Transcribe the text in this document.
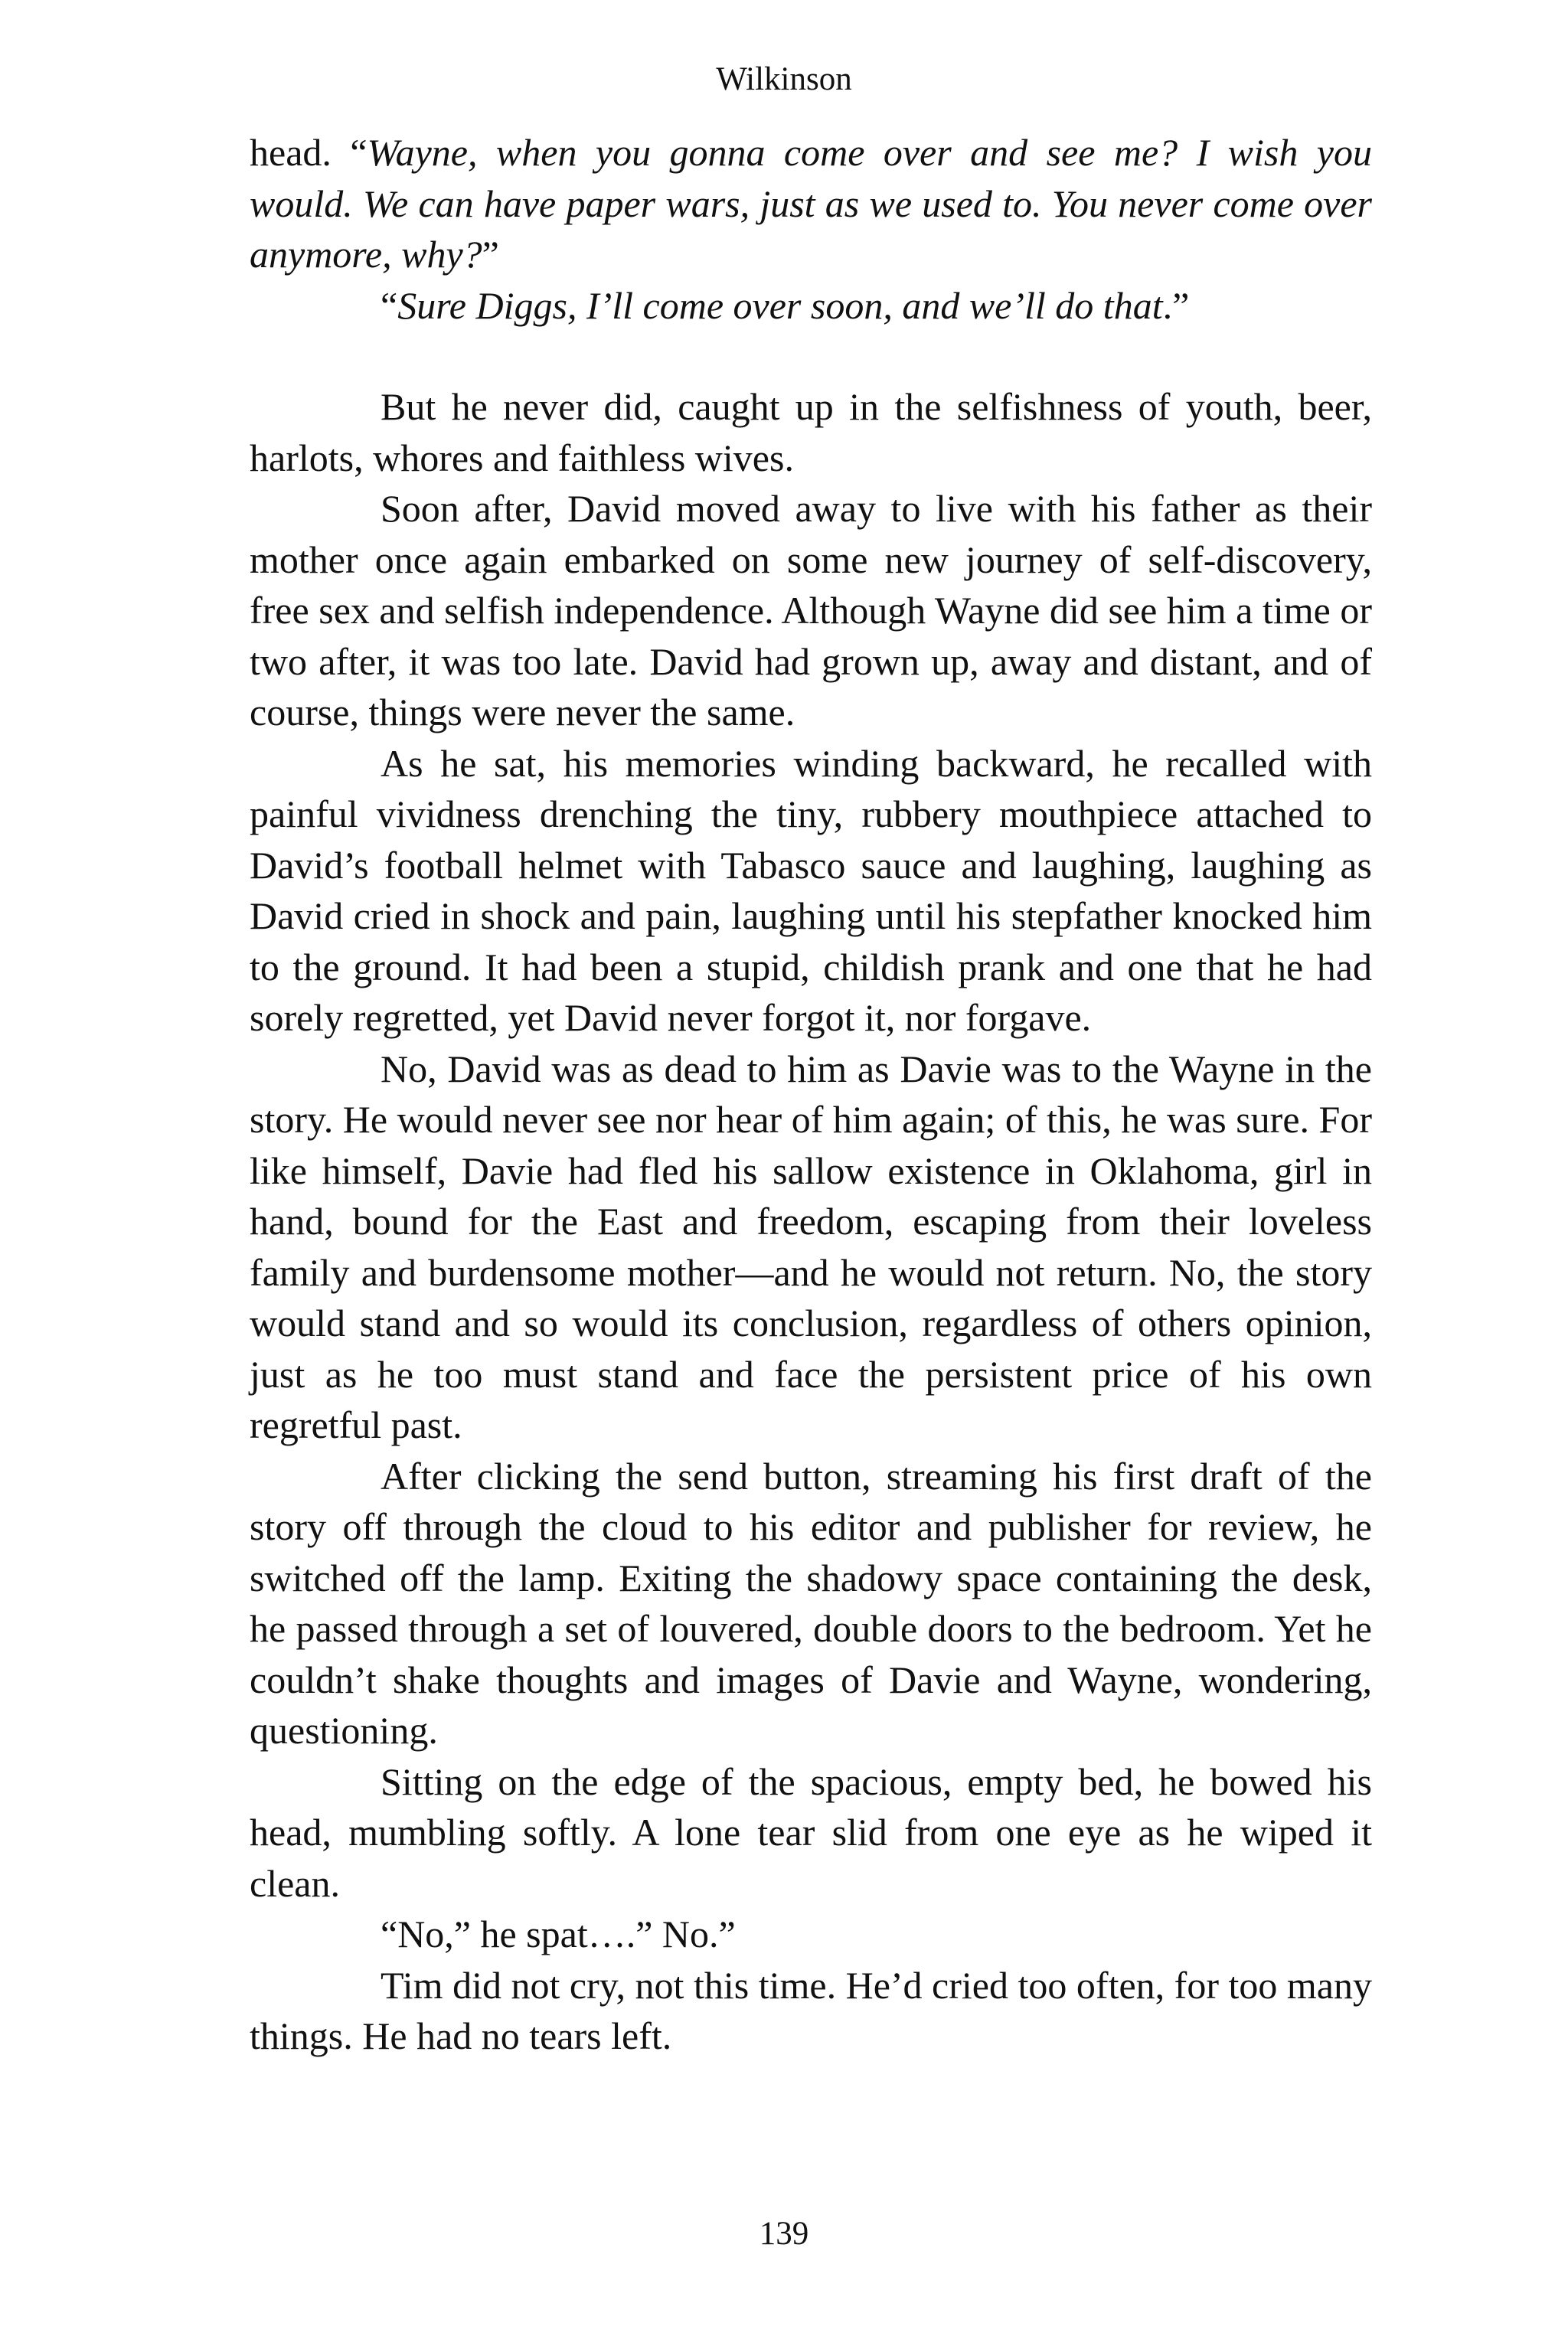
Wilkinson

head. “Wayne, when you gonna come over and see me? I wish you would. We can have paper wars, just as we used to. You never come over anymore, why?”

“Sure Diggs, I’ll come over soon, and we’ll do that.”

But he never did, caught up in the selfishness of youth, beer, harlots, whores and faithless wives.

Soon after, David moved away to live with his father as their mother once again embarked on some new journey of self-discovery, free sex and selfish independence. Although Wayne did see him a time or two after, it was too late. David had grown up, away and distant, and of course, things were never the same.

As he sat, his memories winding backward, he recalled with painful vividness drenching the tiny, rubbery mouthpiece attached to David’s football helmet with Tabasco sauce and laughing, laughing as David cried in shock and pain, laughing until his stepfather knocked him to the ground. It had been a stupid, childish prank and one that he had sorely regretted, yet David never forgot it, nor forgave.

No, David was as dead to him as Davie was to the Wayne in the story. He would never see nor hear of him again; of this, he was sure. For like himself, Davie had fled his sallow existence in Oklahoma, girl in hand, bound for the East and freedom, escaping from their loveless family and burdensome mother—and he would not return. No, the story would stand and so would its conclusion, regardless of others opinion, just as he too must stand and face the persistent price of his own regretful past.

After clicking the send button, streaming his first draft of the story off through the cloud to his editor and publisher for review, he switched off the lamp. Exiting the shadowy space containing the desk, he passed through a set of louvered, double doors to the bedroom. Yet he couldn’t shake thoughts and images of Davie and Wayne, wondering, questioning.

Sitting on the edge of the spacious, empty bed, he bowed his head, mumbling softly. A lone tear slid from one eye as he wiped it clean.

“No,” he spat….” No.”

Tim did not cry, not this time. He’d cried too often, for too many things. He had no tears left.

139
